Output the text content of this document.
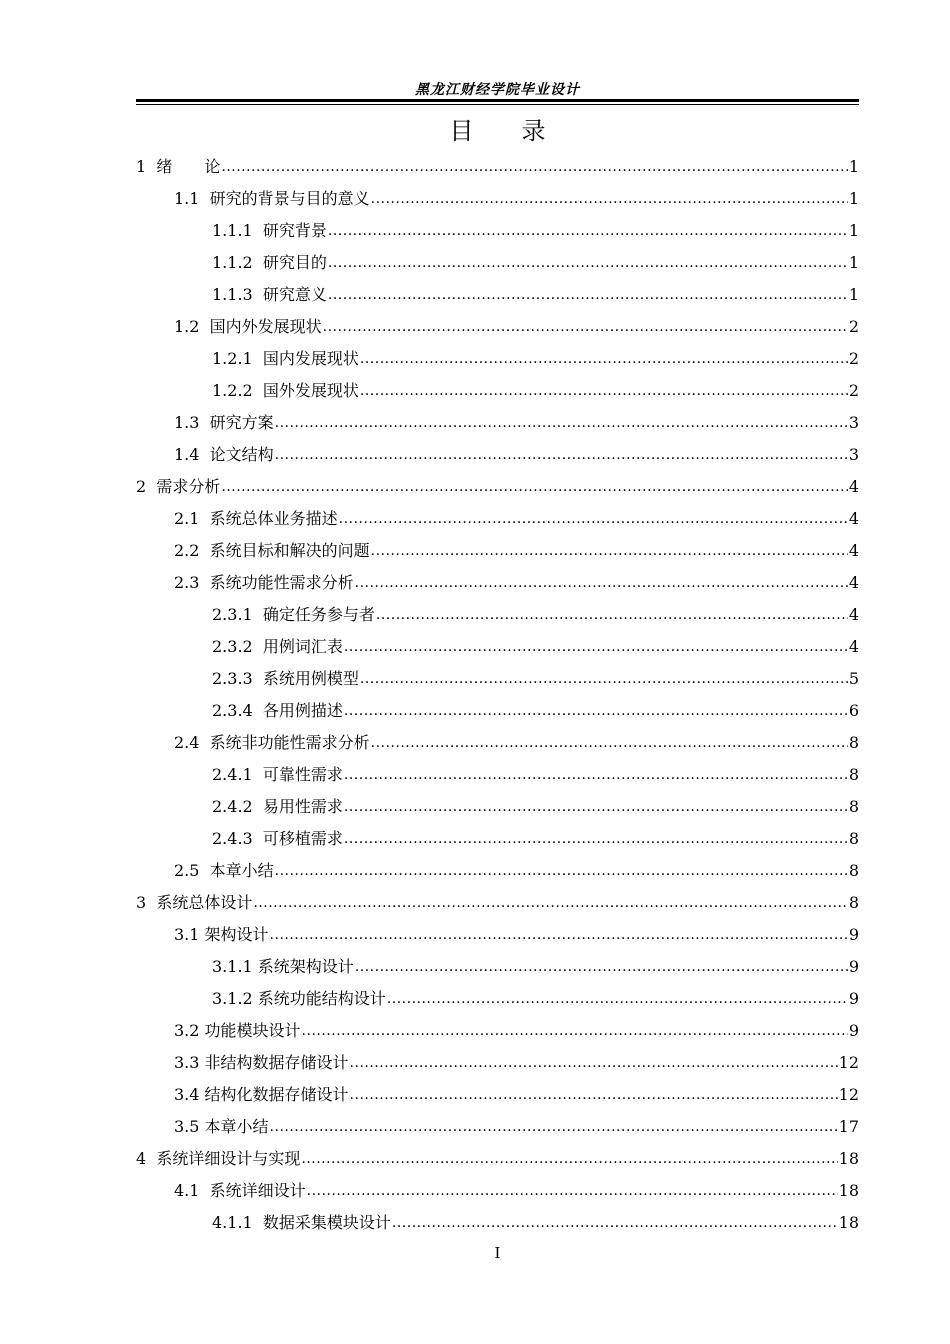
黑龙江财经学院毕业设计
目　　录
1  绪　　论 .....	1
1.1  研究的背景与目的意义 .....	1
1.1.1  研究背景 .....	1
1.1.2  研究目的 .....	1
1.1.3  研究意义 .....	1
1.2  国内外发展现状 .....	2
1.2.1  国内发展现状 .....	2
1.2.2  国外发展现状 .....	2
1.3  研究方案 .....	3
1.4  论文结构 .....	3
2  需求分析 .....	4
2.1  系统总体业务描述 .....	4
2.2  系统目标和解决的问题 .....	4
2.3  系统功能性需求分析 .....	4
2.3.1  确定任务参与者 .....	4
2.3.2  用例词汇表 .....	4
2.3.3  系统用例模型 .....	5
2.3.4  各用例描述 .....	6
2.4  系统非功能性需求分析 .....	8
2.4.1  可靠性需求 .....	8
2.4.2  易用性需求 .....	8
2.4.3  可移植需求 .....	8
2.5  本章小结 .....	8
3  系统总体设计 .....	8
3.1 架构设计 .....	9
3.1.1 系统架构设计 .....	9
3.1.2 系统功能结构设计 .....	9
3.2 功能模块设计 .....	9
3.3 非结构数据存储设计 .....	12
3.4 结构化数据存储设计 .....	12
3.5 本章小结 .....	17
4  系统详细设计与实现 .....	18
4.1  系统详细设计 .....	18
4.1.1  数据采集模块设计 .....	18
I
